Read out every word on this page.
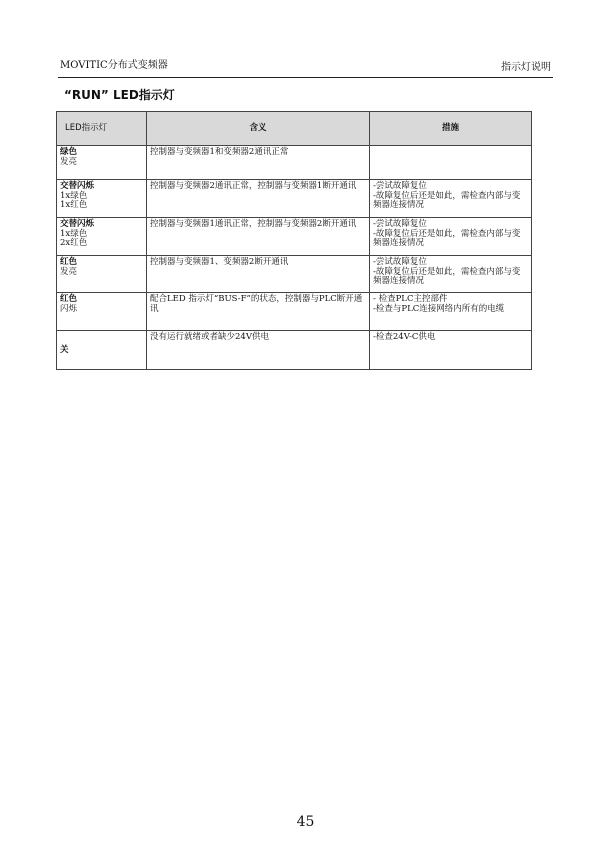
MOVITIC分布式变频器	指示灯说明
“RUN” LED指示灯
LED指示灯	含义	措施

绿色
发亮	控制器与变频器1和变频器2通讯正常	

交替闪烁
1x绿色
1x红色	控制器与变频器2通讯正常，控制器与变频器1断开通讯	-尝试故障复位
-故障复位后还是如此，需检查内部与变频器连接情况

交替闪烁
1x绿色
2x红色	控制器与变频器1通讯正常，控制器与变频器2断开通讯	-尝试故障复位
-故障复位后还是如此，需检查内部与变频器连接情况

红色
发亮	控制器与变频器1、变频器2断开通讯	-尝试故障复位
-故障复位后还是如此，需检查内部与变频器连接情况

红色
闪烁	配合LED 指示灯“BUS-F”的状态，控制器与PLC断开通讯	- 检查PLC主控部件
-检查与PLC连接网络内所有的电缆

关	没有运行就绪或者缺少24V供电	-检查24V-C供电
45
